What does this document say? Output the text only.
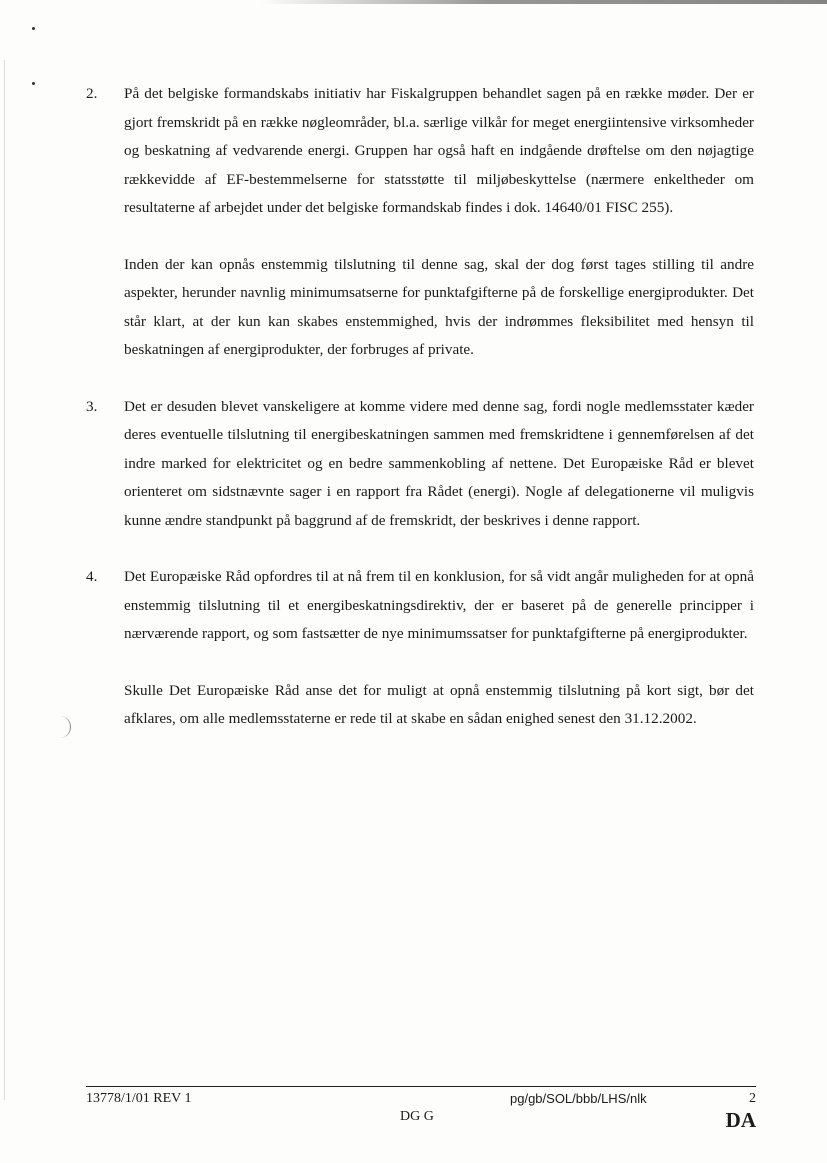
2. På det belgiske formandskabs initiativ har Fiskalgruppen behandlet sagen på en række møder. Der er gjort fremskridt på en række nøgleområder, bl.a. særlige vilkår for meget energiintensive virksomheder og beskatning af vedvarende energi. Gruppen har også haft en indgående drøftelse om den nøjagtige rækkevidde af EF-bestemmelserne for statsstøtte til miljøbeskyttelse (nærmere enkeltheder om resultaterne af arbejdet under det belgiske formandskab findes i dok. 14640/01 FISC 255).
Inden der kan opnås enstemmig tilslutning til denne sag, skal der dog først tages stilling til andre aspekter, herunder navnlig minimumsatserne for punktafgifterne på de forskellige energiprodukter. Det står klart, at der kun kan skabes enstemmighed, hvis der indrømmes fleksibilitet med hensyn til beskatningen af energiprodukter, der forbruges af private.
3. Det er desuden blevet vanskeligere at komme videre med denne sag, fordi nogle medlemsstater kæder deres eventuelle tilslutning til energibeskatningen sammen med fremskridtene i gennemførelsen af det indre marked for elektricitet og en bedre sammenkobling af nettene. Det Europæiske Råd er blevet orienteret om sidstnævnte sager i en rapport fra Rådet (energi). Nogle af delegationerne vil muligvis kunne ændre standpunkt på baggrund af de fremskridt, der beskrives i denne rapport.
4. Det Europæiske Råd opfordres til at nå frem til en konklusion, for så vidt angår muligheden for at opnå enstemmig tilslutning til et energibeskatningsdirektiv, der er baseret på de generelle principper i nærværende rapport, og som fastsætter de nye minimumssatser for punktafgifterne på energiprodukter.
Skulle Det Europæiske Råd anse det for muligt at opnå enstemmig tilslutning på kort sigt, bør det afklares, om alle medlemsstaterne er rede til at skabe en sådan enighed senest den 31.12.2002.
13778/1/01 REV 1
DG G
pg/gb/SOL/bbb/LHS/nlk	2
DA
